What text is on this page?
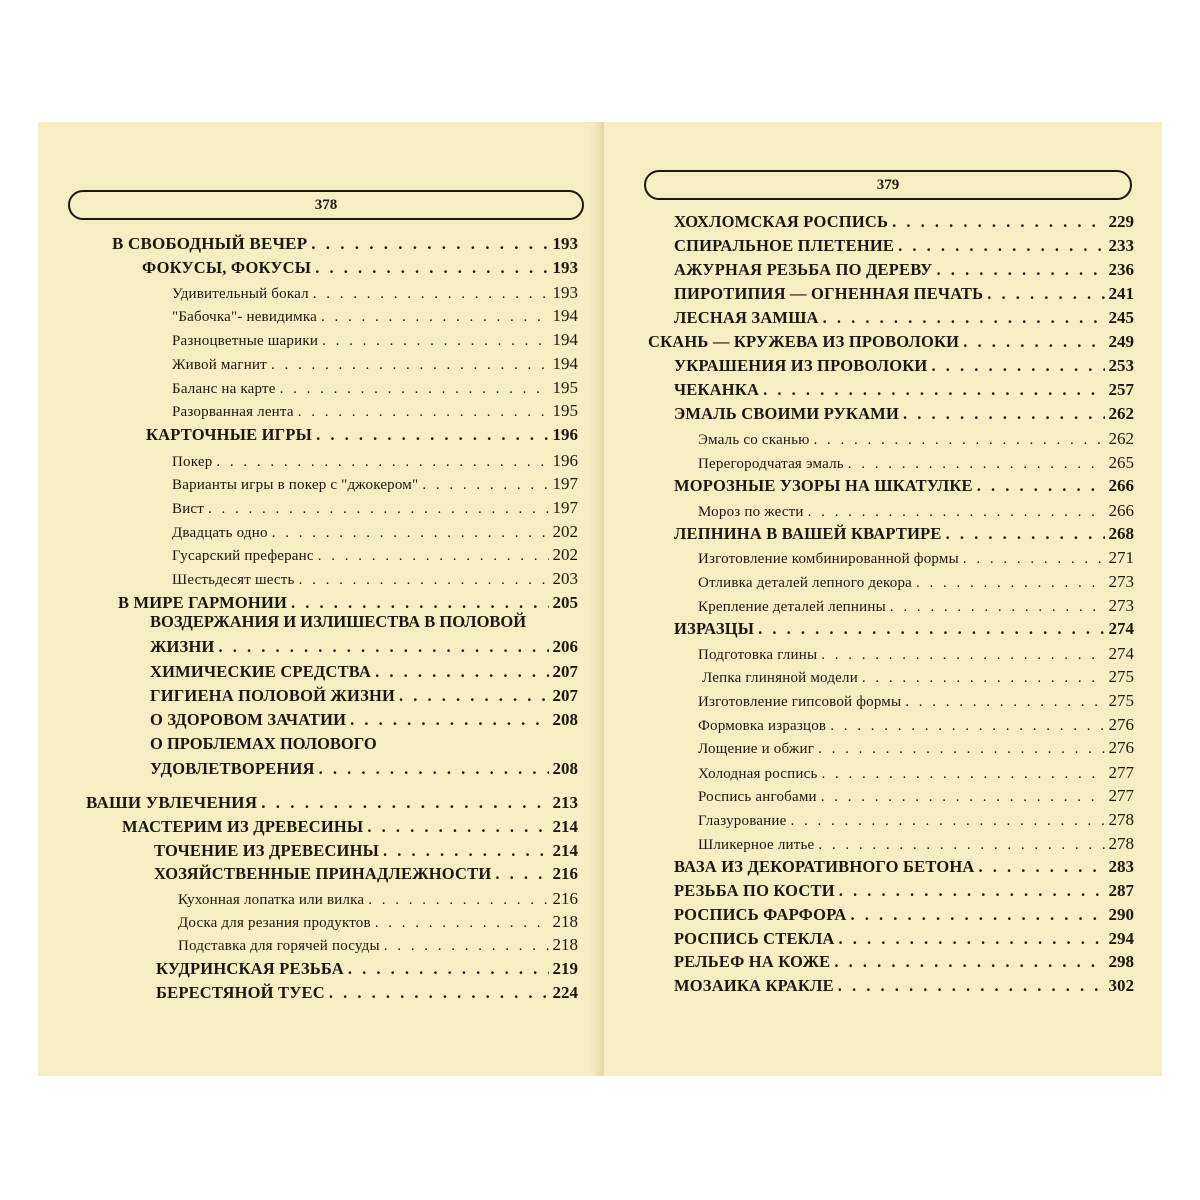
378
В СВОБОДНЫЙ ВЕЧЕР . . .	193
ФОКУСЫ, ФОКУСЫ . . .	193
Удивительный бокал . . .	193
"Бабочка"- невидимка . . .	194
Разноцветные шарики . . .	194
Живой магнит . . .	194
Баланс на карте . . .	195
Разорванная лента . . .	195
КАРТОЧНЫЕ ИГРЫ . . .	196
Покер . . .	196
Варианты игры в покер с "джокером" . . .	197
Вист . . .	197
Двадцать одно . . .	202
Гусарский преферанс . . .	202
Шестьдесят шесть . . .	203
В МИРЕ ГАРМОНИИ . . .	205
ВОЗДЕРЖАНИЯ И ИЗЛИШЕСТВА В ПОЛОВОЙ
ЖИЗНИ . . .	206
ХИМИЧЕСКИЕ СРЕДСТВА . . .	207
ГИГИЕНА ПОЛОВОЙ ЖИЗНИ . . .	207
О ЗДОРОВОМ ЗАЧАТИИ . . .	208
О ПРОБЛЕМАХ ПОЛОВОГО
УДОВЛЕТВОРЕНИЯ . . .	208
ВАШИ УВЛЕЧЕНИЯ . . .	213
МАСТЕРИМ ИЗ ДРЕВЕСИНЫ . . .	214
ТОЧЕНИЕ ИЗ ДРЕВЕСИНЫ . . .	214
ХОЗЯЙСТВЕННЫЕ ПРИНАДЛЕЖНОСТИ . . .	216
Кухонная лопатка или вилка . . .	216
Доска для резания продуктов . . .	218
Подставка для горячей посуды . . .	218
КУДРИНСКАЯ РЕЗЬБА . . .	219
БЕРЕСТЯНОЙ ТУЕС . . .	224
379
ХОХЛОМСКАЯ РОСПИСЬ . . .	229
СПИРАЛЬНОЕ ПЛЕТЕНИЕ . . .	233
АЖУРНАЯ РЕЗЬБА ПО ДЕРЕВУ . . .	236
ПИРОТИПИЯ — ОГНЕННАЯ ПЕЧАТЬ . . .	241
ЛЕСНАЯ ЗАМША . . .	245
СКАНЬ — КРУЖЕВА ИЗ ПРОВОЛОКИ . . .	249
УКРАШЕНИЯ ИЗ ПРОВОЛОКИ . . .	253
ЧЕКАНКА . . .	257
ЭМАЛЬ СВОИМИ РУКАМИ . . .	262
Эмаль со сканью . . .	262
Перегородчатая эмаль . . .	265
МОРОЗНЫЕ УЗОРЫ НА ШКАТУЛКЕ . . .	266
Мороз по жести . . .	266
ЛЕПНИНА В ВАШЕЙ КВАРТИРЕ . . .	268
Изготовление комбинированной формы . . .	271
Отливка деталей лепного декора . . .	273
Крепление деталей лепнины . . .	273
ИЗРАЗЦЫ . . .	274
Подготовка глины . . .	274
Лепка глиняной модели . . .	275
Изготовление гипсовой формы . . .	275
Формовка изразцов . . .	276
Лощение и обжиг . . .	276
Холодная роспись . . .	277
Роспись ангобами . . .	277
Глазурование . . .	278
Шликерное литье . . .	278
ВАЗА ИЗ ДЕКОРАТИВНОГО БЕТОНА . . .	283
РЕЗЬБА ПО КОСТИ . . .	287
РОСПИСЬ ФАРФОРА . . .	290
РОСПИСЬ СТЕКЛА . . .	294
РЕЛЬЕФ НА КОЖЕ . . .	298
МОЗАИКА КРАКЛЕ . . .	302
